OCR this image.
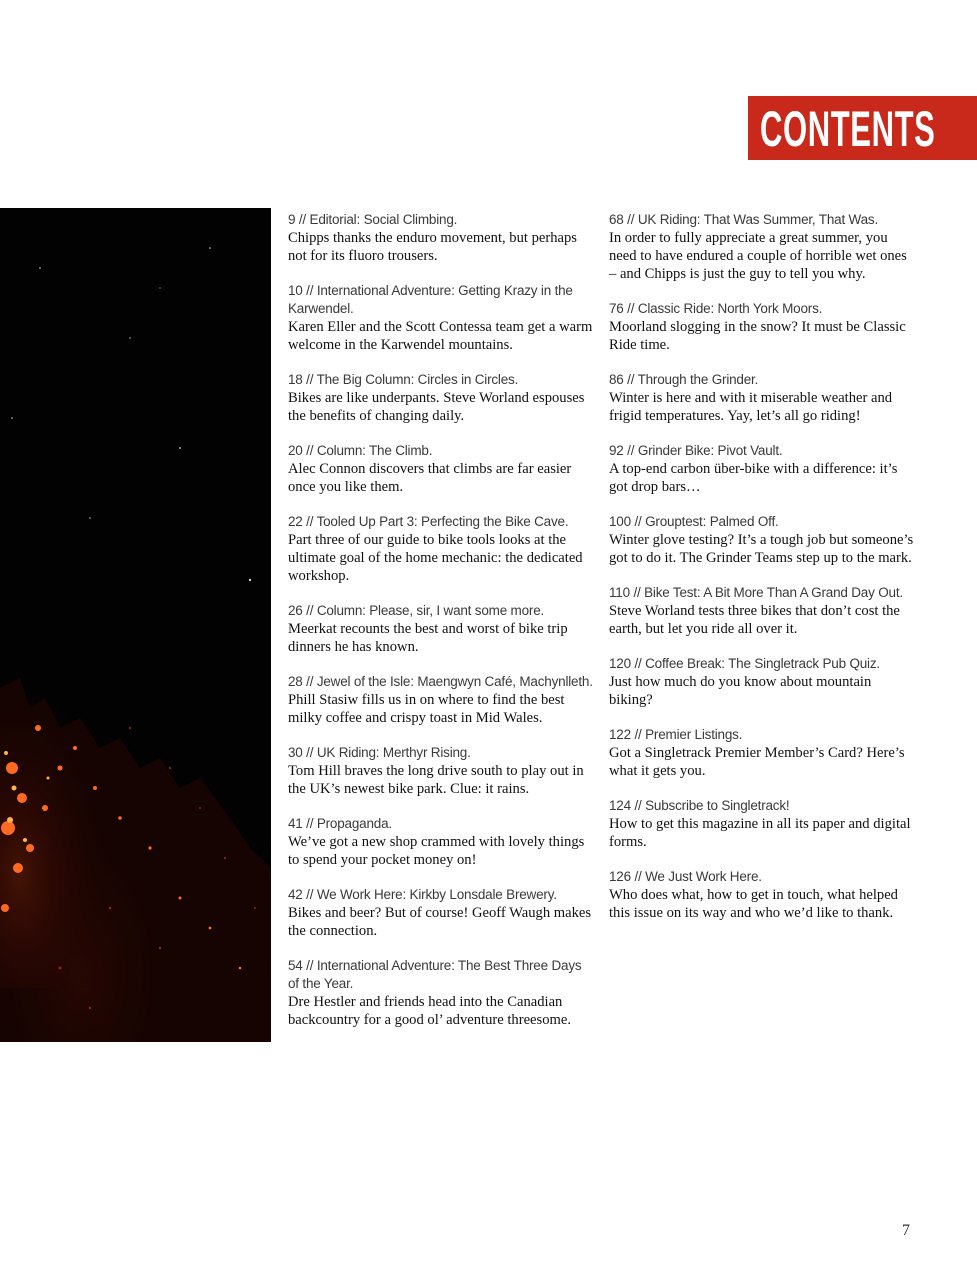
CONTENTS
9 // Editorial: Social Climbing.
Chipps thanks the enduro movement, but perhaps not for its fluoro trousers.
10 // International Adventure: Getting Krazy in the Karwendel.
Karen Eller and the Scott Contessa team get a warm welcome in the Karwendel mountains.
18 // The Big Column: Circles in Circles.
Bikes are like underpants. Steve Worland espouses the benefits of changing daily.
20 // Column: The Climb.
Alec Connon discovers that climbs are far easier once you like them.
22 // Tooled Up Part 3: Perfecting the Bike Cave.
Part three of our guide to bike tools looks at the ultimate goal of the home mechanic: the dedicated workshop.
26 // Column: Please, sir, I want some more.
Meerkat recounts the best and worst of bike trip dinners he has known.
28 // Jewel of the Isle: Maengwyn Café, Machynlleth.
Phill Stasiw fills us in on where to find the best milky coffee and crispy toast in Mid Wales.
30 // UK Riding: Merthyr Rising.
Tom Hill braves the long drive south to play out in the UK’s newest bike park. Clue: it rains.
41 // Propaganda.
We’ve got a new shop crammed with lovely things to spend your pocket money on!
42 // We Work Here: Kirkby Lonsdale Brewery.
Bikes and beer? But of course! Geoff Waugh makes the connection.
54 // International Adventure: The Best Three Days of the Year.
Dre Hestler and friends head into the Canadian backcountry for a good ol’ adventure threesome.
68 // UK Riding: That Was Summer, That Was.
In order to fully appreciate a great summer, you need to have endured a couple of horrible wet ones – and Chipps is just the guy to tell you why.
76 // Classic Ride: North York Moors.
Moorland slogging in the snow? It must be Classic Ride time.
86 // Through the Grinder.
Winter is here and with it miserable weather and frigid temperatures. Yay, let’s all go riding!
92 // Grinder Bike: Pivot Vault.
A top-end carbon über-bike with a difference: it’s got drop bars…
100 // Grouptest: Palmed Off.
Winter glove testing? It’s a tough job but someone’s got to do it. The Grinder Teams step up to the mark.
110 // Bike Test: A Bit More Than A Grand Day Out.
Steve Worland tests three bikes that don’t cost the earth, but let you ride all over it.
120 // Coffee Break: The Singletrack Pub Quiz.
Just how much do you know about mountain biking?
122 // Premier Listings.
Got a Singletrack Premier Member’s Card? Here’s what it gets you.
124 // Subscribe to Singletrack!
How to get this magazine in all its paper and digital forms.
126 // We Just Work Here.
Who does what, how to get in touch, what helped this issue on its way and who we’d like to thank.
7
